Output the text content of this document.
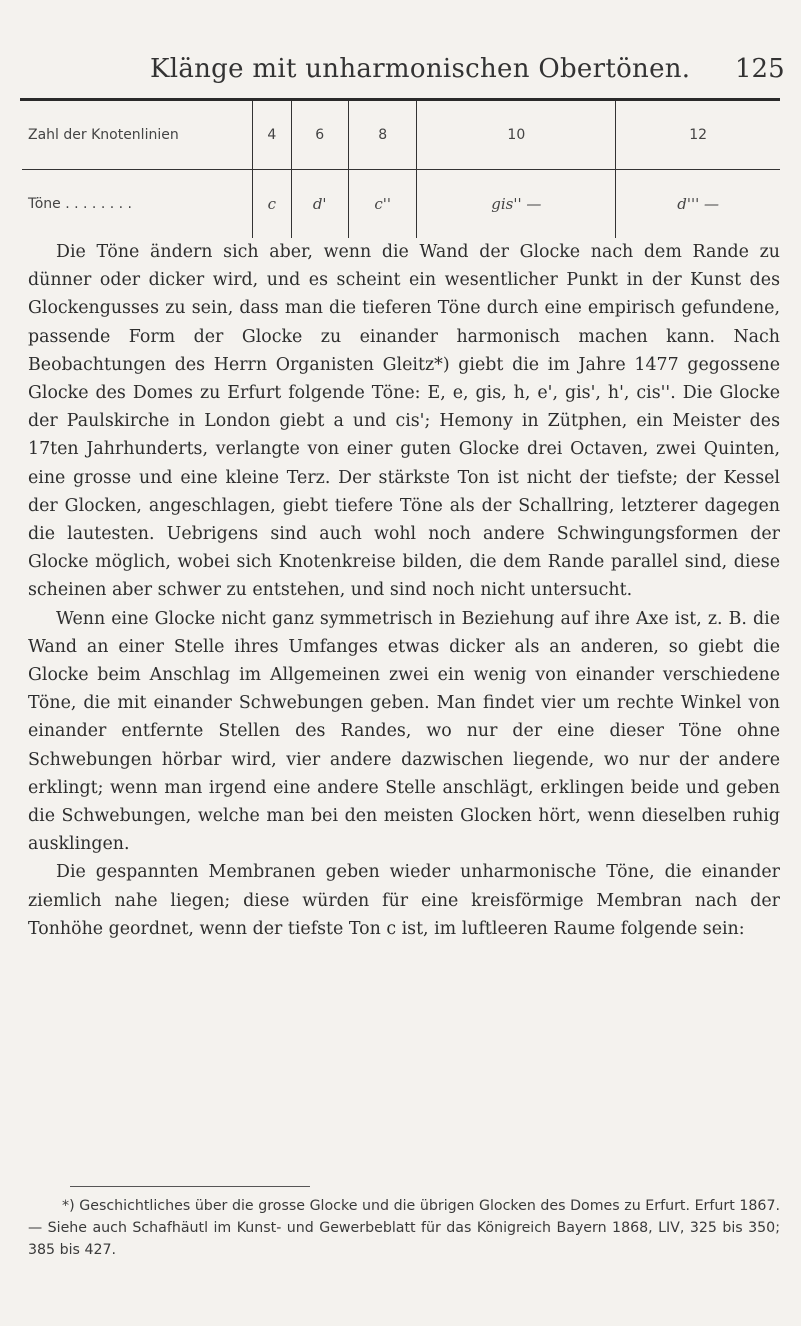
Klänge mit unharmonischen Obertönen. 125
Zahl der Knotenlinien	4	6	8	10	12
Töne . . . . . . . .	c	d'	c''	gis'' —	d''' —

Die Töne ändern sich aber, wenn die Wand der Glocke nach dem Rande zu dünner oder dicker wird, und es scheint ein wesentlicher Punkt in der Kunst des Glockengusses zu sein, dass man die tieferen Töne durch eine empirisch gefundene, passende Form der Glocke zu einander harmonisch machen kann. Nach Beobachtungen des Herrn Organisten Gleitz*) giebt die im Jahre 1477 gegossene Glocke des Domes zu Erfurt folgende Töne: E, e, gis, h, e', gis', h', cis''. Die Glocke der Paulskirche in London giebt a und cis'; Hemony in Zütphen, ein Meister des 17ten Jahrhunderts, verlangte von einer guten Glocke drei Octaven, zwei Quinten, eine grosse und eine kleine Terz. Der stärkste Ton ist nicht der tiefste; der Kessel der Glocken, angeschlagen, giebt tiefere Töne als der Schallring, letzterer dagegen die lautesten. Uebrigens sind auch wohl noch andere Schwingungsformen der Glocke möglich, wobei sich Knotenkreise bilden, die dem Rande parallel sind, diese scheinen aber schwer zu entstehen, und sind noch nicht untersucht.

Wenn eine Glocke nicht ganz symmetrisch in Beziehung auf ihre Axe ist, z. B. die Wand an einer Stelle ihres Umfanges etwas dicker als an anderen, so giebt die Glocke beim Anschlag im Allgemeinen zwei ein wenig von einander verschiedene Töne, die mit einander Schwebungen geben. Man findet vier um rechte Winkel von einander entfernte Stellen des Randes, wo nur der eine dieser Töne ohne Schwebungen hörbar wird, vier andere dazwischen liegende, wo nur der andere erklingt; wenn man irgend eine andere Stelle anschlägt, erklingen beide und geben die Schwebungen, welche man bei den meisten Glocken hört, wenn dieselben ruhig ausklingen.

Die gespannten Membranen geben wieder unharmonische Töne, die einander ziemlich nahe liegen; diese würden für eine kreisförmige Membran nach der Tonhöhe geordnet, wenn der tiefste Ton c ist, im luftleeren Raume folgende sein:

*) Geschichtliches über die grosse Glocke und die übrigen Glocken des Domes zu Erfurt. Erfurt 1867. — Siehe auch Schafhäutl im Kunst- und Gewerbeblatt für das Königreich Bayern 1868, LIV, 325 bis 350; 385 bis 427.
